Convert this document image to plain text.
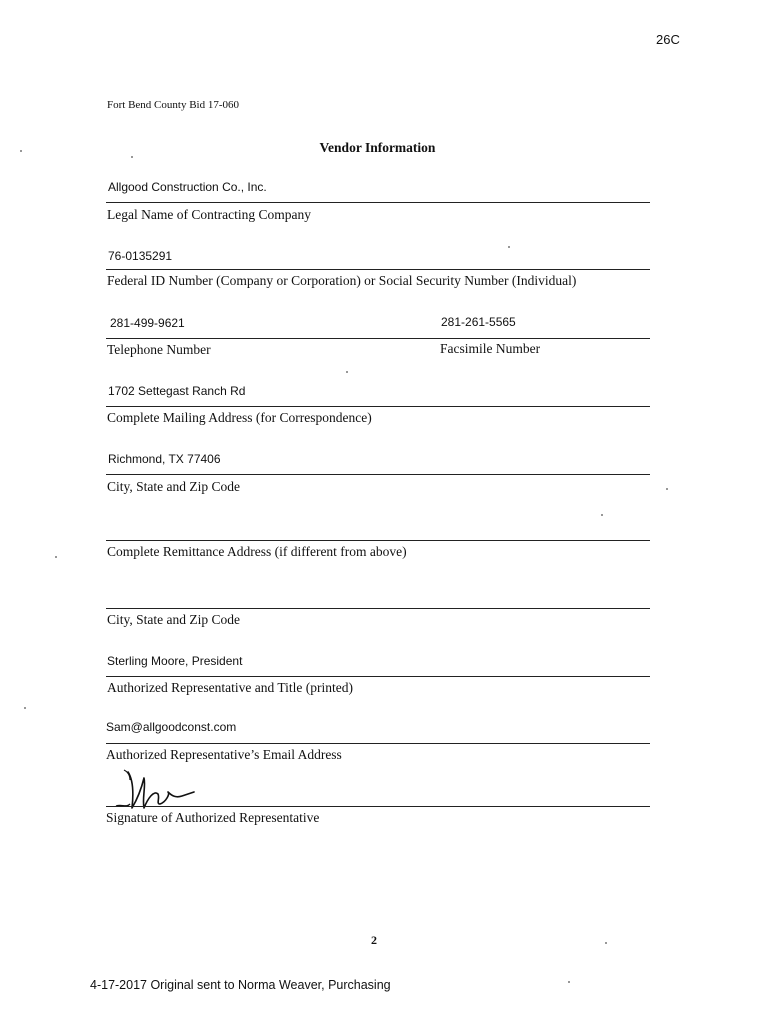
26C
Fort Bend County Bid 17-060
Vendor Information
Allgood Construction Co., Inc.
Legal Name of Contracting Company
76-0135291
Federal ID Number (Company or Corporation) or Social Security Number (Individual)
281-499-9621	281-261-5565
Telephone Number	Facsimile Number
1702 Settegast Ranch Rd
Complete Mailing Address (for Correspondence)
Richmond, TX 77406
City, State and Zip Code
Complete Remittance Address (if different from above)
City, State and Zip Code
Sterling Moore, President
Authorized Representative and Title (printed)
Sam@allgoodconst.com
Authorized Representative’s Email Address
Signature of Authorized Representative
2
4-17-2017 Original sent to Norma Weaver, Purchasing
